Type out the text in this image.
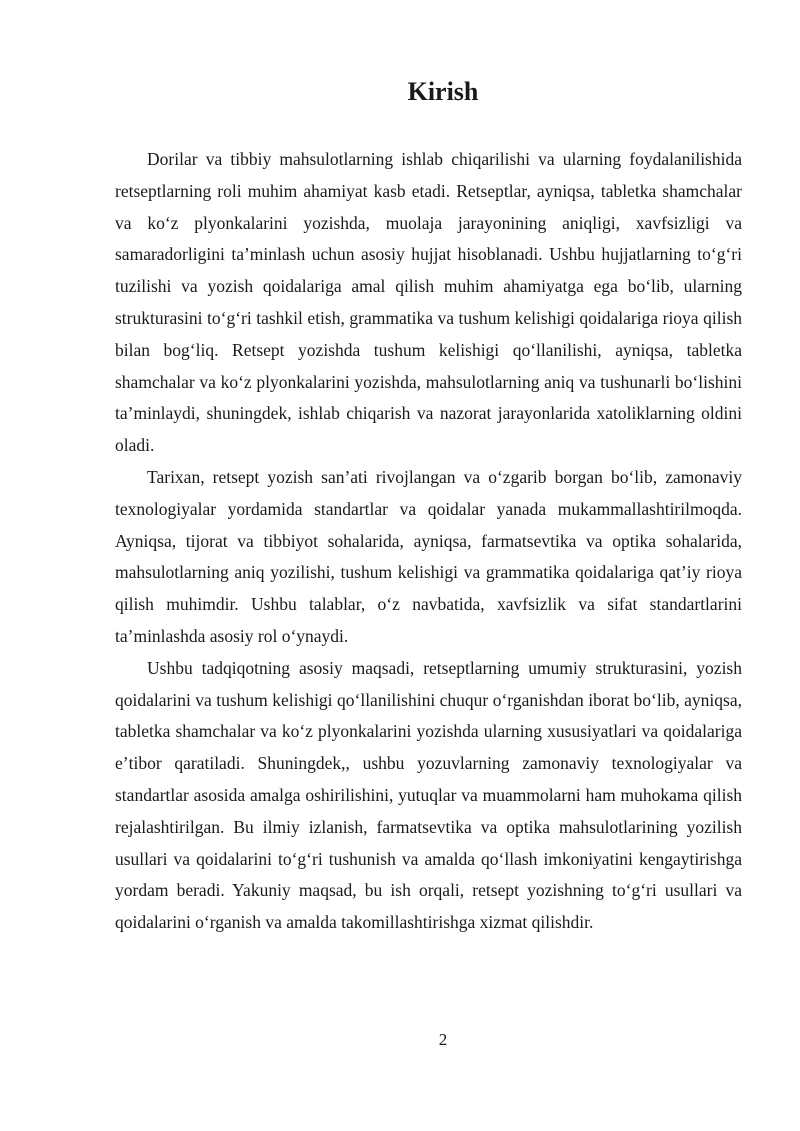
Kirish

Dorilar va tibbiy mahsulotlarning ishlab chiqarilishi va ularning foydalanilishida retseptlarning roli muhim ahamiyat kasb etadi. Retseptlar, ayniqsa, tabletka shamchalar va koʻz plyonkalarini yozishda, muolaja jarayonining aniqligi, xavfsizligi va samaradorligini taʼminlash uchun asosiy hujjat hisoblanadi. Ushbu hujjatlarning toʻgʻri tuzilishi va yozish qoidalariga amal qilish muhim ahamiyatga ega boʻlib, ularning strukturasini toʻgʻri tashkil etish, grammatika va tushum kelishigi qoidalariga rioya qilish bilan bogʻliq. Retsept yozishda tushum kelishigi qoʻllanilishi, ayniqsa, tabletka shamchalar va koʻz plyonkalarini yozishda, mahsulotlarning aniq va tushunarli boʻlishini taʼminlaydi, shuningdek, ishlab chiqarish va nazorat jarayonlarida xatoliklarning oldini oladi.

Tarixan, retsept yozish sanʼati rivojlangan va oʻzgarib borgan boʻlib, zamonaviy texnologiyalar yordamida standartlar va qoidalar yanada mukammallashtirilmoqda. Ayniqsa, tijorat va tibbiyot sohalarida, ayniqsa, farmatsevtika va optika sohalarida, mahsulotlarning aniq yozilishi, tushum kelishigi va grammatika qoidalariga qatʼiy rioya qilish muhimdir. Ushbu talablar, oʻz navbatida, xavfsizlik va sifat standartlarini taʼminlashda asosiy rol oʻynaydi.

Ushbu tadqiqotning asosiy maqsadi, retseptlarning umumiy strukturasini, yozish qoidalarini va tushum kelishigi qoʻllanilishini chuqur oʻrganishdan iborat boʻlib, ayniqsa, tabletka shamchalar va koʻz plyonkalarini yozishda ularning xususiyatlari va qoidalariga eʼtibor qaratiladi. Shuningdek,, ushbu yozuvlarning zamonaviy texnologiyalar va standartlar asosida amalga oshirilishini, yutuqlar va muammolarni ham muhokama qilish rejalashtirilgan. Bu ilmiy izlanish, farmatsevtika va optika mahsulotlarining yozilish usullari va qoidalarini toʻgʻri tushunish va amalda qoʻllash imkoniyatini kengaytirishga yordam beradi. Yakuniy maqsad, bu ish orqali, retsept yozishning toʻgʻri usullari va qoidalarini oʻrganish va amalda takomillashtirishga xizmat qilishdir.

2
